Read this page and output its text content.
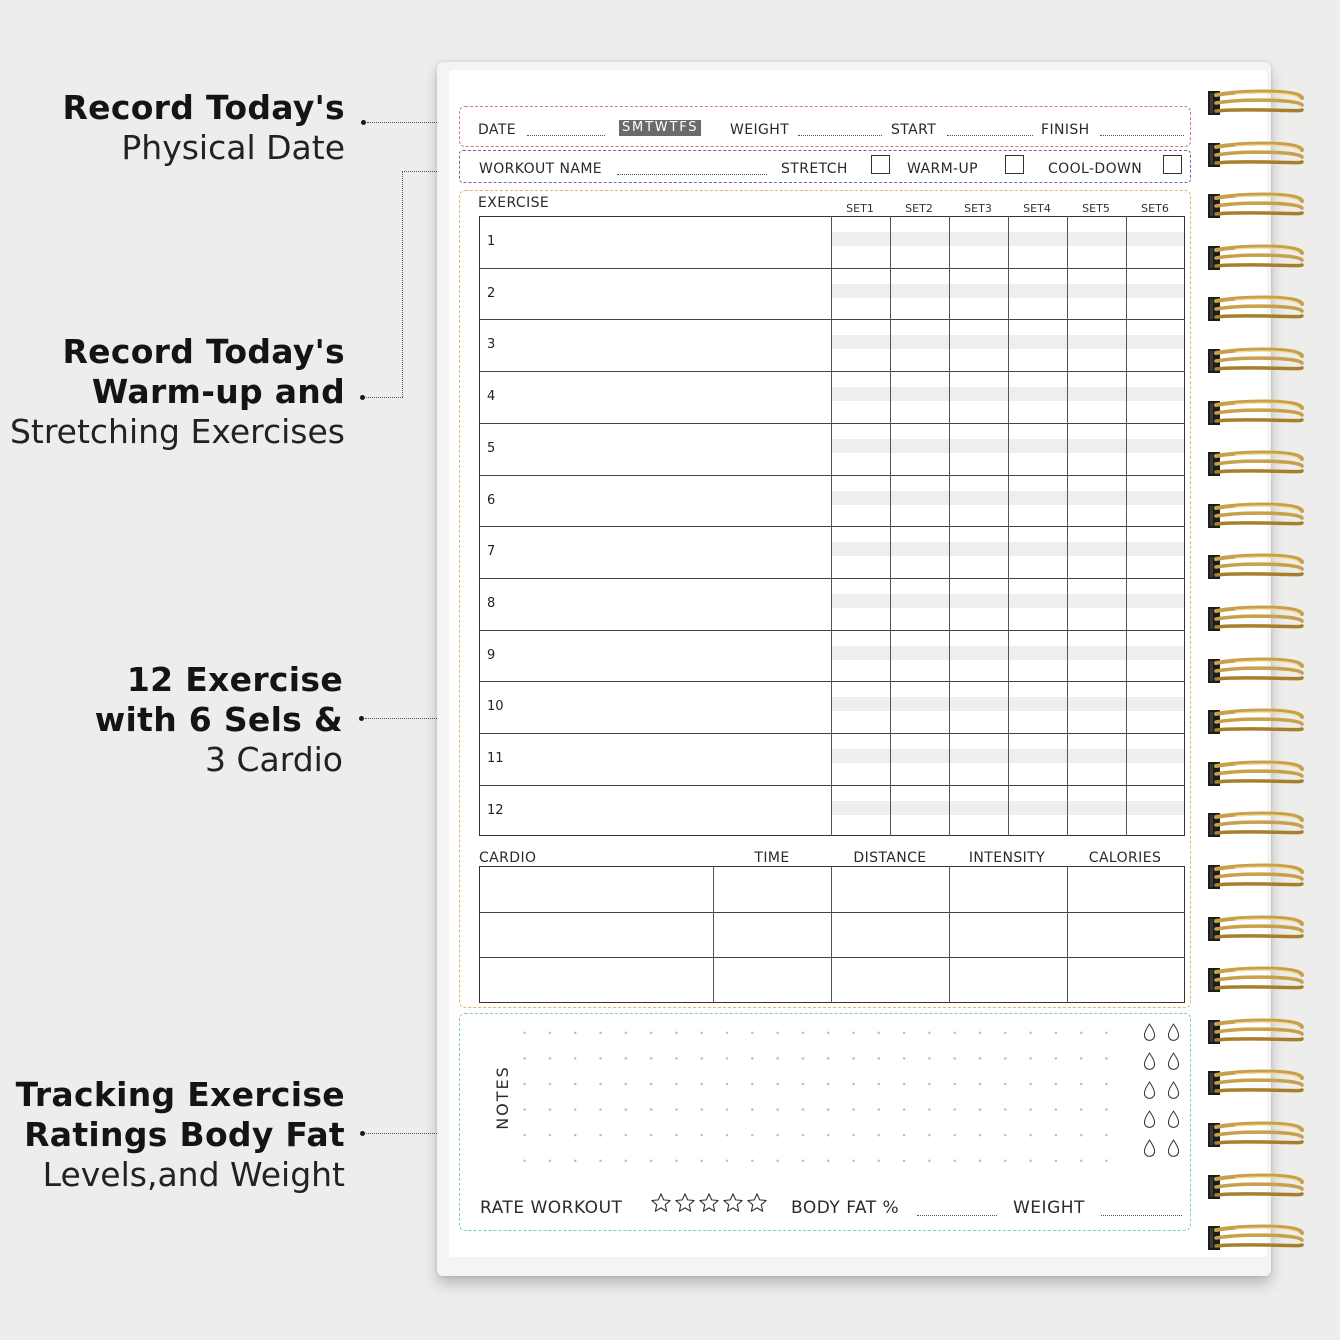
Record Today's
Physical Date
Record Today's
Warm-up and
Stretching Exercises
12 Exercise
with 6 Sels &
3 Cardio
Tracking Exercise
Ratings Body Fat
Levels,and Weight
DATE	SMTWTFS WEIGHT	START	FINISH
WORKOUT NAME	STRETCH	WARM-UP	COOL-DOWN
EXERCISE	SET1	SET2	SET3	SET4	SET5	SET6
1
2
3
4
5
6
7
8
9
10
11
12
CARDIO	TIME	DISTANCE	INTENSITY	CALORIES
NOTES
RATE WORKOUT	BODY FAT %	WEIGHT
